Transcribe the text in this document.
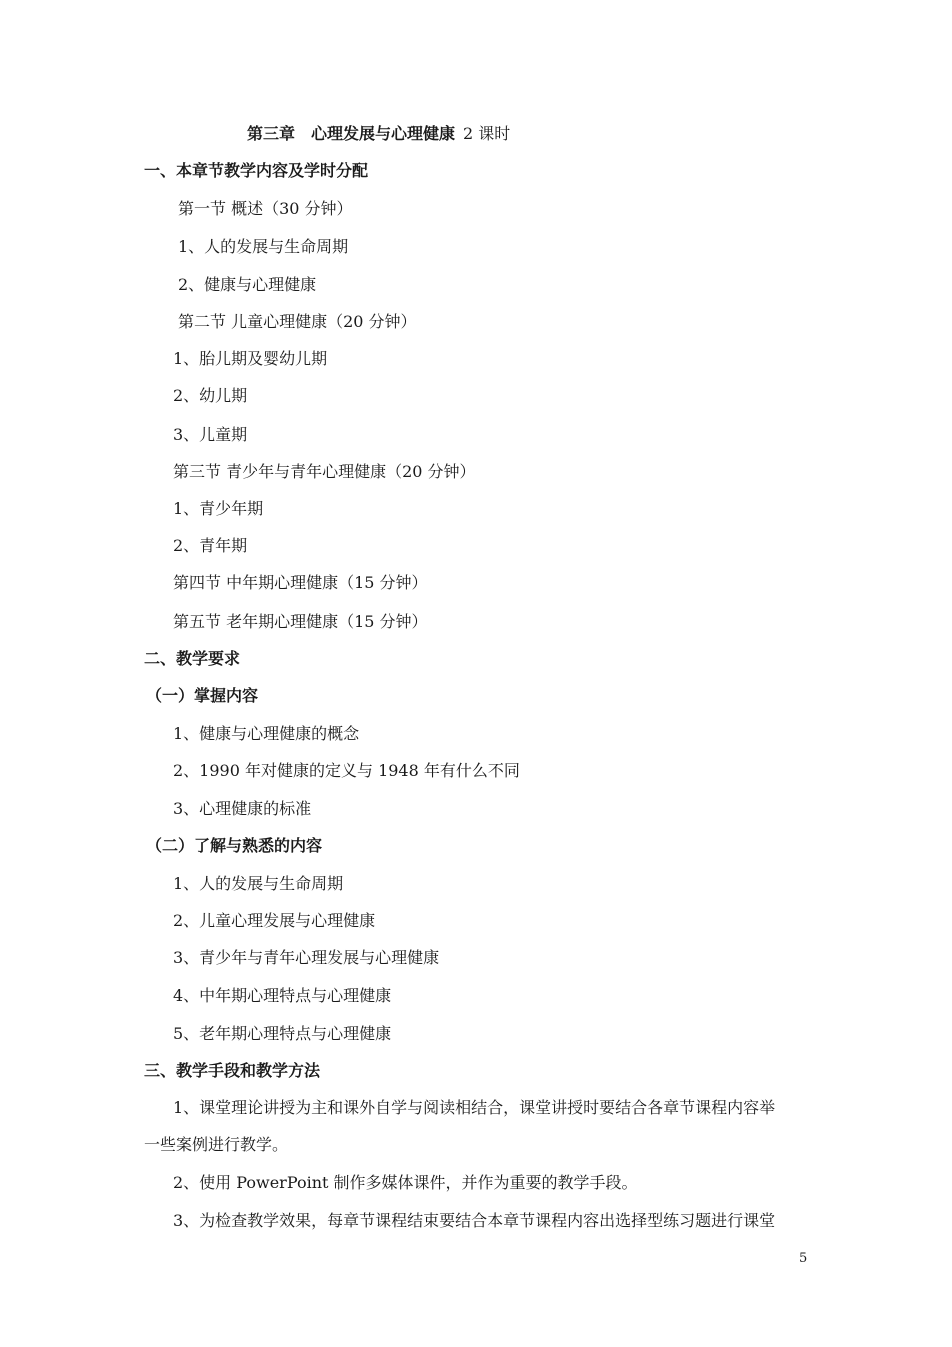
第三章　心理发展与心理健康 2 课时
一、本章节教学内容及学时分配
第一节 概述（30 分钟）
1、人的发展与生命周期
2、健康与心理健康
第二节 儿童心理健康（20 分钟）
1、胎儿期及婴幼儿期
2、幼儿期
3、儿童期
第三节 青少年与青年心理健康（20 分钟）
1、青少年期
2、青年期
第四节 中年期心理健康（15 分钟）
第五节 老年期心理健康（15 分钟）
二、教学要求
（一）掌握内容
1、健康与心理健康的概念
2、1990 年对健康的定义与 1948 年有什么不同
3、心理健康的标准
（二）了解与熟悉的内容
1、人的发展与生命周期
2、儿童心理发展与心理健康
3、青少年与青年心理发展与心理健康
4、中年期心理特点与心理健康
5、老年期心理特点与心理健康
三、教学手段和教学方法
1、课堂理论讲授为主和课外自学与阅读相结合，课堂讲授时要结合各章节课程内容举
一些案例进行教学。
2、使用 PowerPoint 制作多媒体课件，并作为重要的教学手段。
3、为检查教学效果，每章节课程结束要结合本章节课程内容出选择型练习题进行课堂
5
